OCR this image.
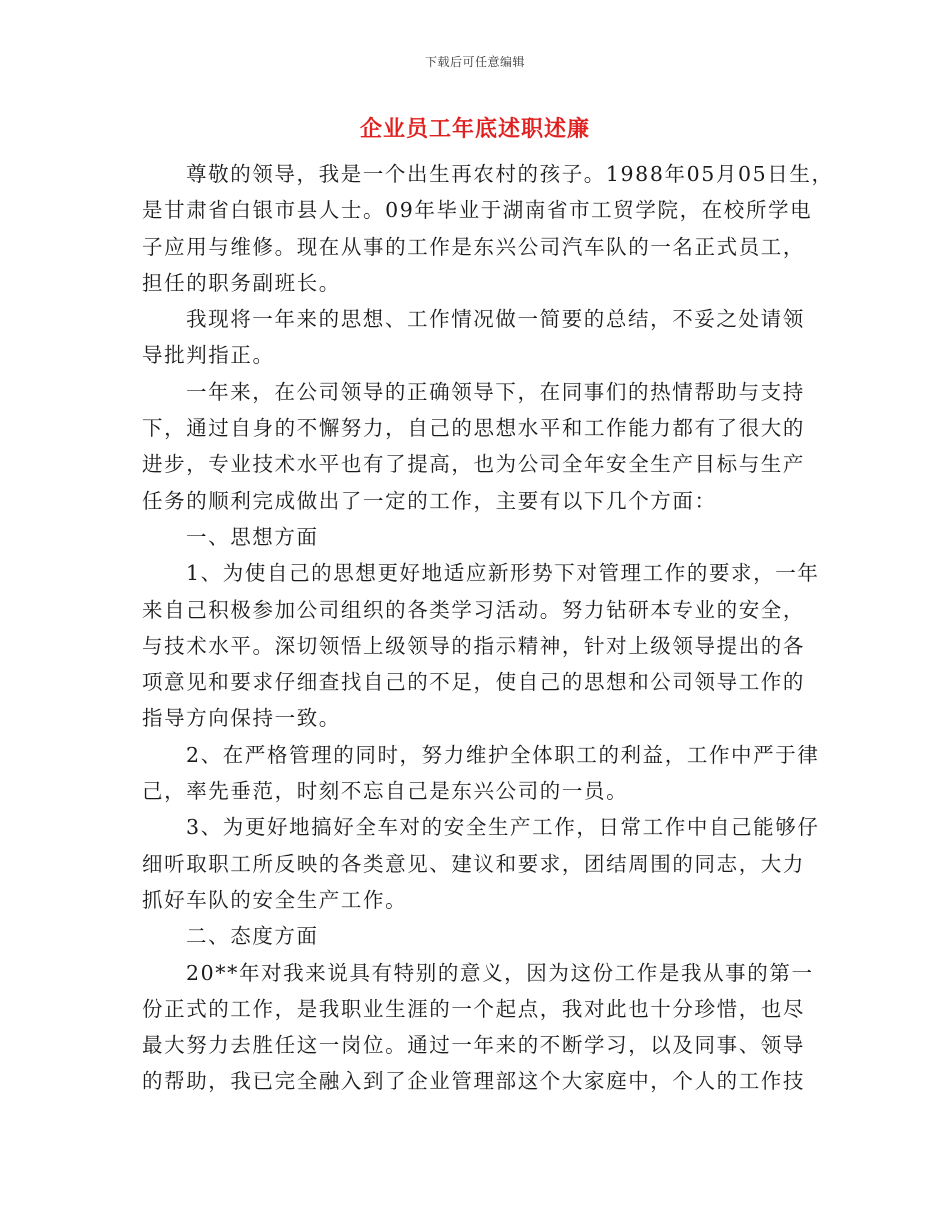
下载后可任意编辑
企业员工年底述职述廉

尊敬的领导，我是一个出生再农村的孩子。1988年05月05日生，
是甘肃省白银市县人士。09年毕业于湖南省市工贸学院，在校所学电
子应用与维修。现在从事的工作是东兴公司汽车队的一名正式员工，
担任的职务副班长。

我现将一年来的思想、工作情况做一简要的总结，不妥之处请领
导批判指正。

一年来，在公司领导的正确领导下，在同事们的热情帮助与支持
下，通过自身的不懈努力，自己的思想水平和工作能力都有了很大的
进步，专业技术水平也有了提高，也为公司全年安全生产目标与生产
任务的顺利完成做出了一定的工作，主要有以下几个方面：

一、思想方面

1、为使自己的思想更好地适应新形势下对管理工作的要求，一年
来自己积极参加公司组织的各类学习活动。努力钻研本专业的安全，
与技术水平。深切领悟上级领导的指示精神，针对上级领导提出的各
项意见和要求仔细查找自己的不足，使自己的思想和公司领导工作的
指导方向保持一致。

2、在严格管理的同时，努力维护全体职工的利益，工作中严于律
己，率先垂范，时刻不忘自己是东兴公司的一员。

3、为更好地搞好全车对的安全生产工作，日常工作中自己能够仔
细听取职工所反映的各类意见、建议和要求，团结周围的同志，大力
抓好车队的安全生产工作。

二、态度方面

20**年对我来说具有特别的意义，因为这份工作是我从事的第一
份正式的工作，是我职业生涯的一个起点，我对此也十分珍惜，也尽
最大努力去胜任这一岗位。通过一年来的不断学习，以及同事、领导
的帮助，我已完全融入到了企业管理部这个大家庭中，个人的工作技
